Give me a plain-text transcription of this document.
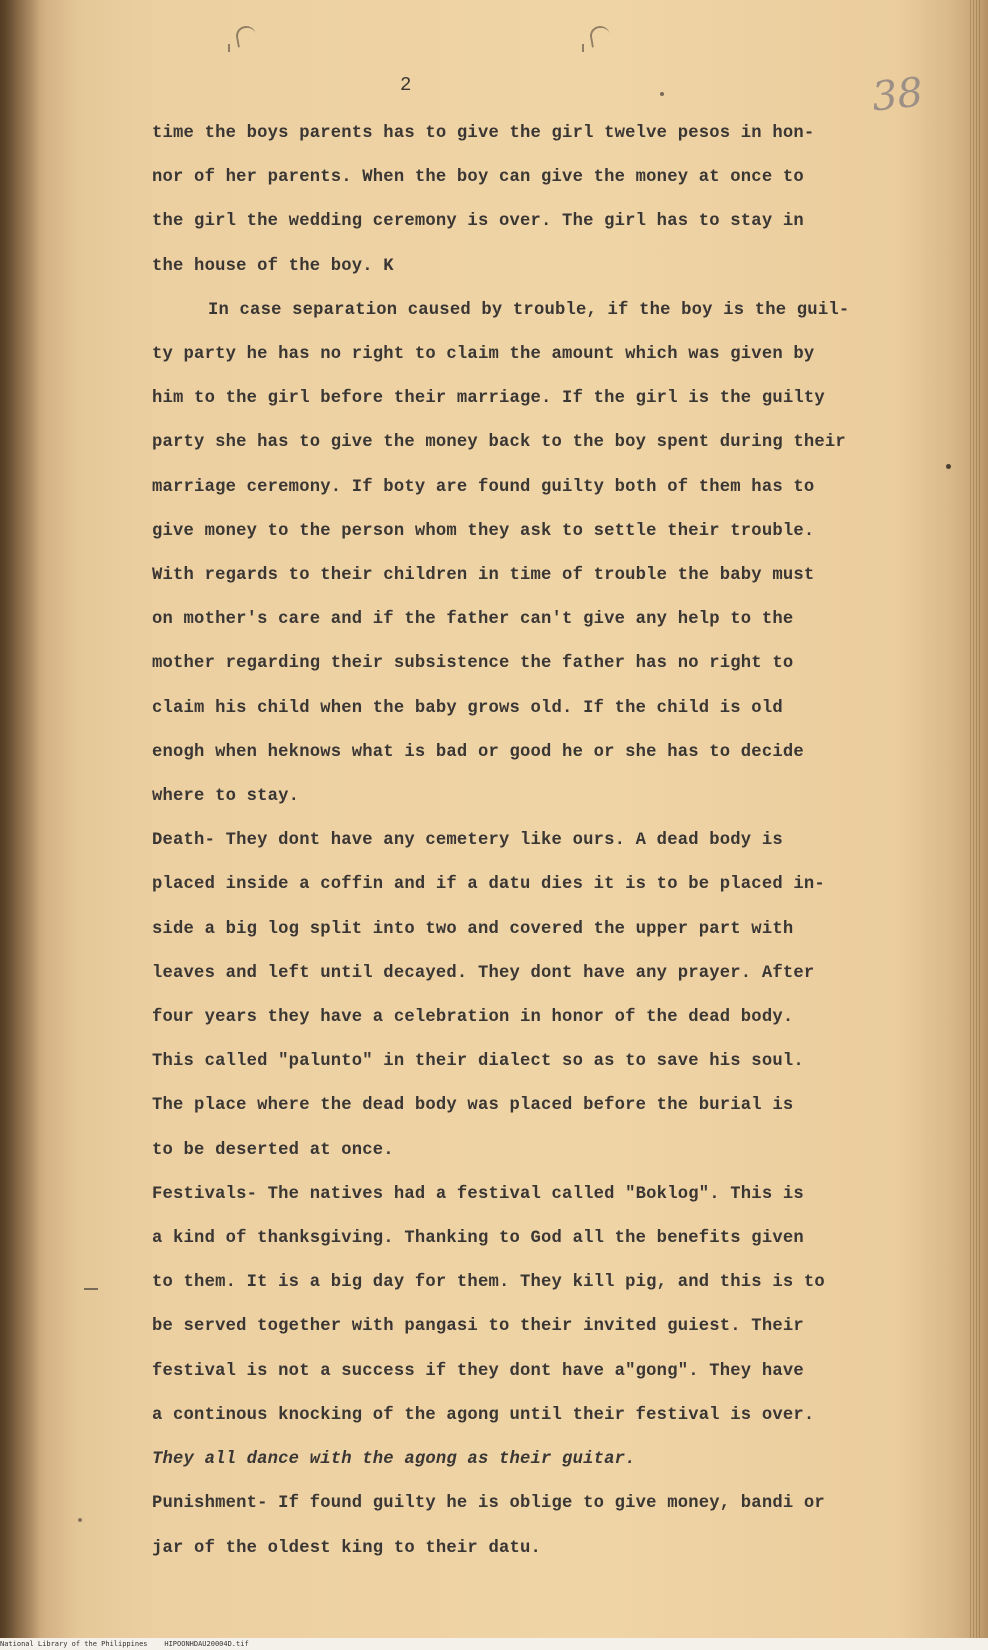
2	38
time the boys parents has to give the girl twelve pesos in hon-
nor of her parents. When the boy can give the money at once to
the girl the wedding ceremony is over. The girl has to stay in
the house of the boy. K
In case separation caused by trouble, if the boy is the guil-
ty party he has no right to claim the amount which was given by
him to the girl before their marriage. If the girl is the guilty
party she has to give the money back to the boy spent during their
marriage ceremony. If boty are found guilty both of them has to
give money to the person whom they ask to settle their trouble.
With regards to their children in time of trouble the baby must
on mother's care and if the father can't give any help to the
mother regarding their subsistence the father has no right to
claim his child when the baby grows old. If the child is old
enogh when heknows what is bad or good he or she has to decide
where to stay.
Death- They dont have any cemetery like ours. A dead body is
placed inside a coffin and if a datu dies it is to be placed in-
side a big log split into two and covered the upper part with
leaves and left until decayed. They dont have any prayer. After
four years they have a celebration in honor of the dead body.
This called "palunto" in their dialect so as to save his soul.
The place where the dead body was placed before the burial is
to be deserted at once.
Festivals- The natives had a festival called "Boklog". This is
a kind of thanksgiving. Thanking to God all the benefits given
to them. It is a big day for them. They kill pig, and this is to
be served together with pangasi to their invited guiest. Their
festival is not a success if they dont have a"gong". They have
a continous knocking of the agong until their festival is over.
They all dance with the agong as their guitar.
Punishment- If found guilty he is oblige to give money, bandi or
jar of the oldest king to their datu.
National Library of the Philippines HIPOONHDAU20004D.tif
